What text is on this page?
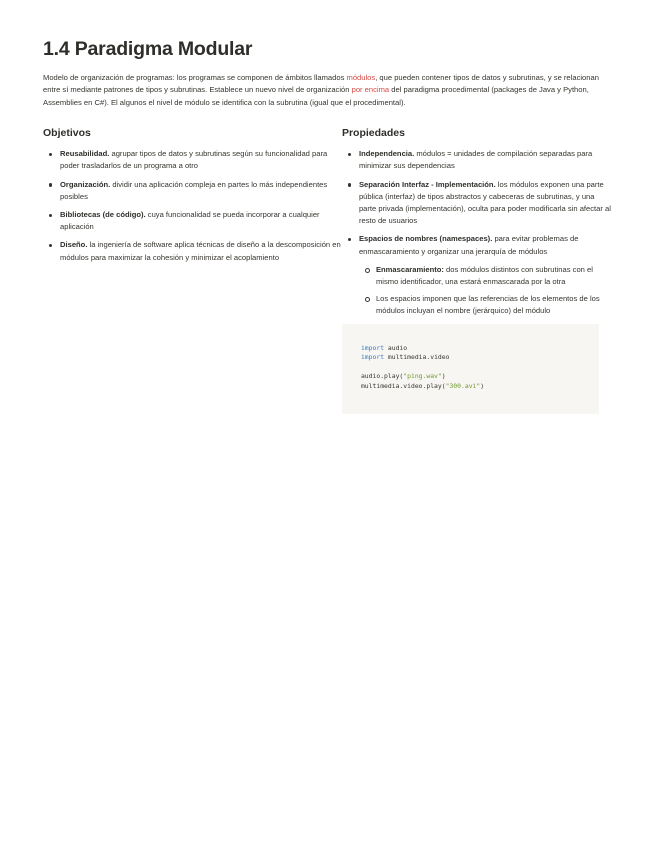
1.4 Paradigma Modular

Modelo de organización de programas: los programas se componen de ámbitos llamados módulos, que pueden contener tipos de datos y subrutinas, y se relacionan entre sí mediante patrones de tipos y subrutinas. Establece un nuevo nivel de organización por encima del paradigma procedimental (packages de Java y Python, Assemblies en C#). El algunos el nivel de módulo se identifica con la subrutina (igual que el procedimental).

Objetivos
Reusabilidad. agrupar tipos de datos y subrutinas según su funcionalidad para poder trasladarlos de un programa a otro
Organización. dividir una aplicación compleja en partes lo más independientes posibles
Bibliotecas (de código). cuya funcionalidad se pueda incorporar a cualquier aplicación
Diseño. la ingeniería de software aplica técnicas de diseño a la descomposición en módulos para maximizar la cohesión y minimizar el acoplamiento
Propiedades
Independencia. módulos = unidades de compilación separadas para minimizar sus dependencias
Separación Interfaz - Implementación. los módulos exponen una parte pública (interfaz) de tipos abstractos y cabeceras de subrutinas, y una parte privada (implementación), oculta para poder modificarla sin afectar al resto de usuarios
Espacios de nombres (namespaces). para evitar problemas de enmascaramiento y organizar una jerarquía de módulos
Enmascaramiento: dos módulos distintos con subrutinas con el mismo identificador, una estará enmascarada por la otra
Los espacios imponen que las referencias de los elementos de los módulos incluyan el nombre (jerárquico) del módulo
import audio
import multimedia.video
audio.play("ping.wav")
multimedia.video.play("300.avi")
